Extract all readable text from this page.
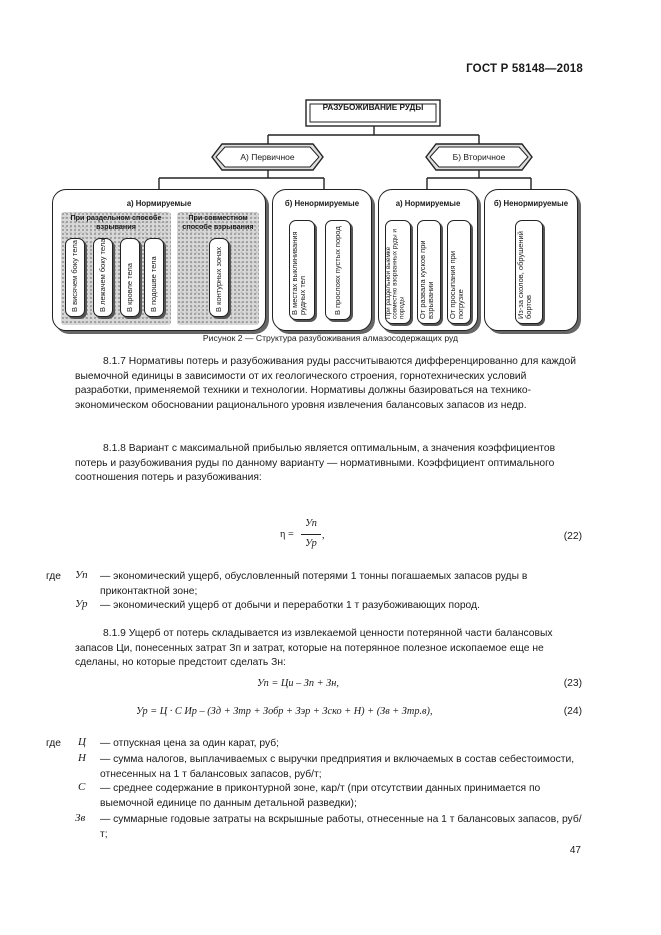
ГОСТ Р 58148—2018
РАЗУБОЖИВАНИЕ РУДЫ
А) Первичное	Б) Вторичное
а) Нормируемые
При раздельном способе взрывания
При совместном способе взрывания
В висячем боку тела	В лежачем боку тела В кровле тела В подошве тела	В контурных зонах
б) Ненормируемые
В местах выклинивания рудных тел	В прослоях пустых пород
а) Нормируемые
При раздельной выемке совместно взорванных руды и породы	От развала кусков при взрывании	От просыпания при погрузке
б) Ненормируемые
Из-за сколов, обрушений бортов
Рисунок 2 — Структура разубоживания алмазосодержащих руд
8.1.7 Нормативы потерь и разубоживания руды рассчитываются дифференцированно для каждой выемочной единицы в зависимости от их геологического строения, горнотехнических условий разработки, применяемой техники и технологии. Нормативы должны базироваться на технико-экономическом обосновании рационального уровня извлечения балансовых запасов из недр.
8.1.8 Вариант с максимальной прибылью является оптимальным, а значения коэффициентов потерь и разубоживания руды по данному варианту — нормативными. Коэффициент оптимального соотношения потерь и разубоживания:
η =
Уп
Ур
,	(22)
где Уп — экономический ущерб, обусловленный потерями 1 тонны погашаемых запасов руды в приконтактной зоне;
Ур — экономический ущерб от добычи и переработки 1 т разубоживающих пород.
8.1.9 Ущерб от потерь складывается из извлекаемой ценности потерянной части балансовых запасов Ци, понесенных затрат Зп и затрат, которые на потерянное полезное ископаемое еще не сделаны, но которые предстоит сделать Зн:
Уп = Ци – Зп + Зн,	(23)
Ур = Ц · С Ир – (Зд + Зтр + Зобр + Зэр + Зско + Н) + (Зв + Зтр.в),	(24)
где Ц — отпускная цена за один карат, руб;
Н — сумма налогов, выплачиваемых с выручки предприятия и включаемых в состав себестоимости, отнесенных на 1 т балансовых запасов, руб/т;
С — среднее содержание в приконтурной зоне, кар/т (при отсутствии данных принимается по выемочной единице по данным детальной разведки);
Зв — суммарные годовые затраты на вскрышные работы, отнесенные на 1 т балансовых запасов, руб/т;
47
